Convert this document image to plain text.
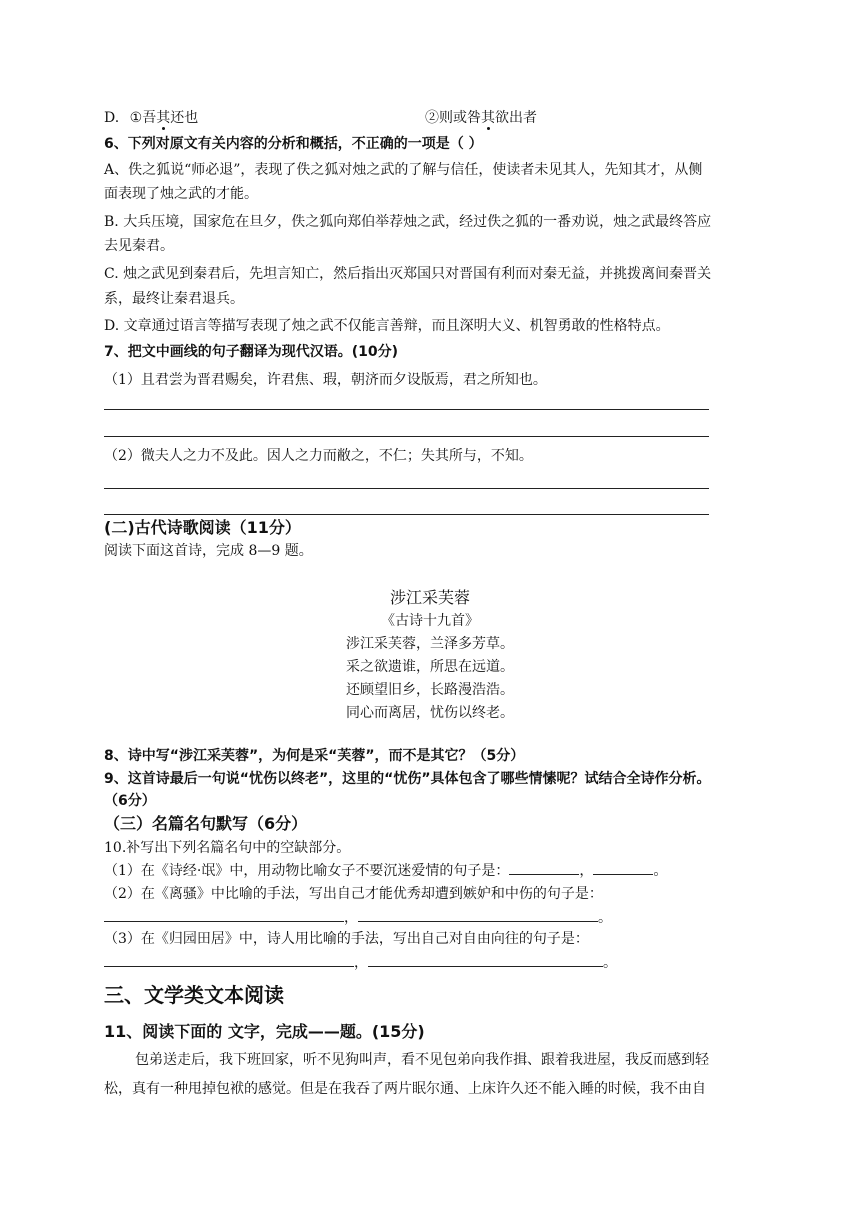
D. ①吾其还也	②则或咎其欲出者
6、下列对原文有关内容的分析和概括，不正确的一项是（ ）
A、佚之狐说“师必退”，表现了佚之狐对烛之武的了解与信任，使读者未见其人，先知其才，从侧
面表现了烛之武的才能。
B. 大兵压境，国家危在旦夕，佚之狐向郑伯举荐烛之武，经过佚之狐的一番劝说，烛之武最终答应
去见秦君。
C. 烛之武见到秦君后，先坦言知亡，然后指出灭郑国只对晋国有利而对秦无益，并挑拨离间秦晋关
系，最终让秦君退兵。
D. 文章通过语言等描写表现了烛之武不仅能言善辩，而且深明大义、机智勇敢的性格特点。
7、把文中画线的句子翻译为现代汉语。(10分)
（1）且君尝为晋君赐矣，许君焦、瑕，朝济而夕设版焉，君之所知也。
（2）微夫人之力不及此。因人之力而敝之，不仁；失其所与，不知。
(二)古代诗歌阅读（11分）
阅读下面这首诗，完成 8—9 题。
涉江采芙蓉
《古诗十九首》
涉江采芙蓉，兰泽多芳草。
采之欲遗谁，所思在远道。
还顾望旧乡，长路漫浩浩。
同心而离居，忧伤以终老。
8、诗中写“涉江采芙蓉”，为何是采“芙蓉”，而不是其它？（5分）
9、这首诗最后一句说“忧伤以终老”，这里的“忧伤”具体包含了哪些情愫呢？试结合全诗作分析。
（6分）
（三）名篇名句默写（6分）
10.补写出下列名篇名句中的空缺部分。
（1）在《诗经·氓》中，用动物比喻女子不要沉迷爱情的句子是：	，	。
（2）在《离骚》中比喻的手法，写出自己才能优秀却遭到嫉妒和中伤的句子是：
，	。
（3）在《归园田居》中，诗人用比喻的手法，写出自己对自由向往的句子是：
，	。
三、文学类文本阅读
11、阅读下面的 文字，完成——题。(15分)
包弟送走后，我下班回家，听不见狗叫声，看不见包弟向我作揖、跟着我进屋，我反而感到轻
松，真有一种甩掉包袱的感觉。但是在我吞了两片眠尔通、上床许久还不能入睡的时候，我不由自
